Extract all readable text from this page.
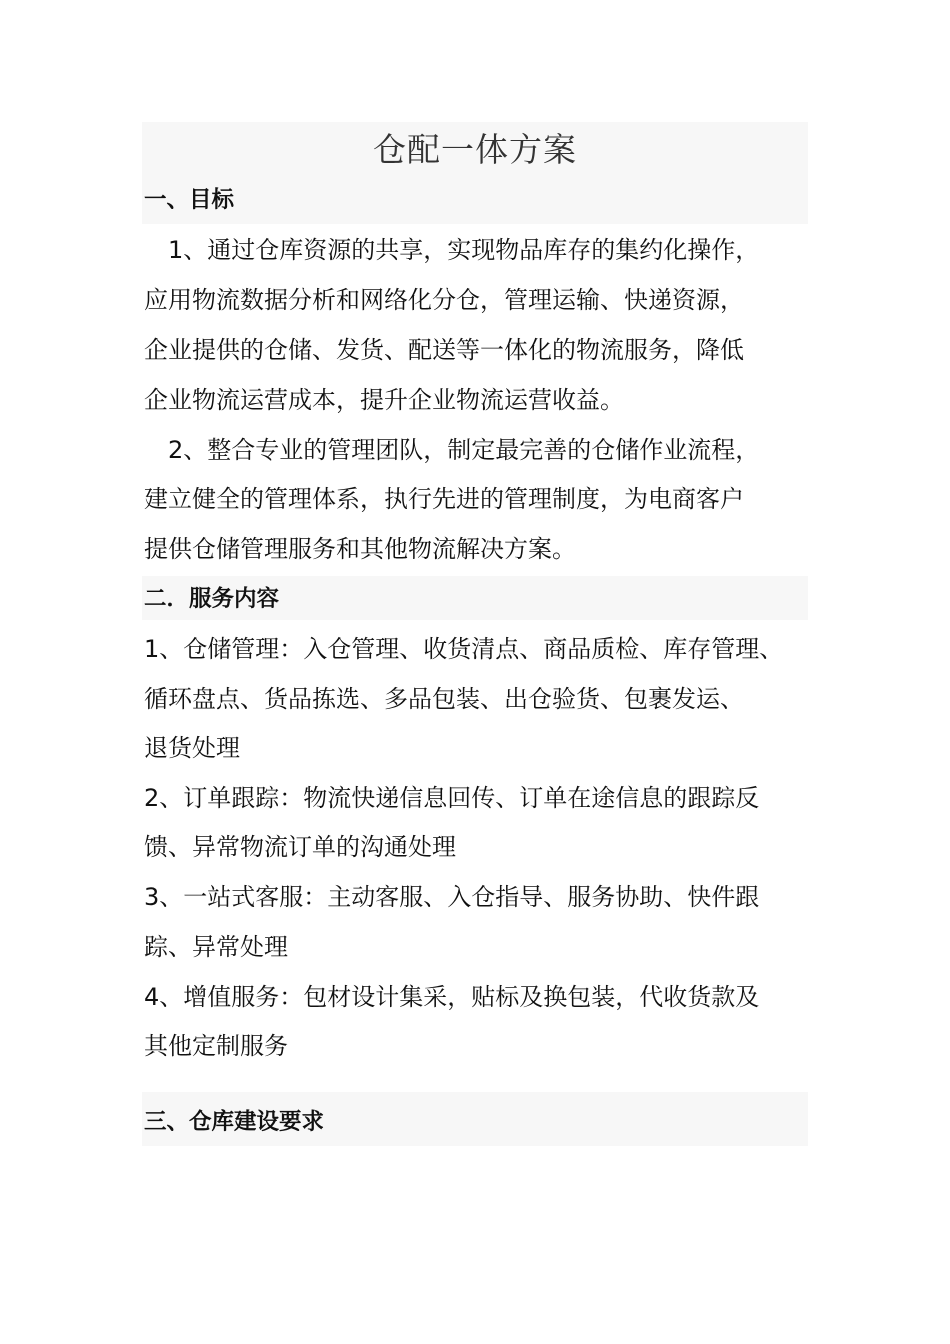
仓配一体方案
一、目标
1、通过仓库资源的共享，实现物品库存的集约化操作，
应用物流数据分析和网络化分仓，管理运输、快递资源，
企业提供的仓储、发货、配送等一体化的物流服务，降低
企业物流运营成本，提升企业物流运营收益。
2、整合专业的管理团队，制定最完善的仓储作业流程，
建立健全的管理体系，执行先进的管理制度，为电商客户
提供仓储管理服务和其他物流解决方案。
二．服务内容
1、仓储管理：入仓管理、收货清点、商品质检、库存管理、
循环盘点、货品拣选、多品包装、出仓验货、包裹发运、
退货处理
2、订单跟踪：物流快递信息回传、订单在途信息的跟踪反
馈、异常物流订单的沟通处理
3、一站式客服：主动客服、入仓指导、服务协助、快件跟
踪、异常处理
4、增值服务：包材设计集采，贴标及换包装，代收货款及
其他定制服务
三、仓库建设要求
